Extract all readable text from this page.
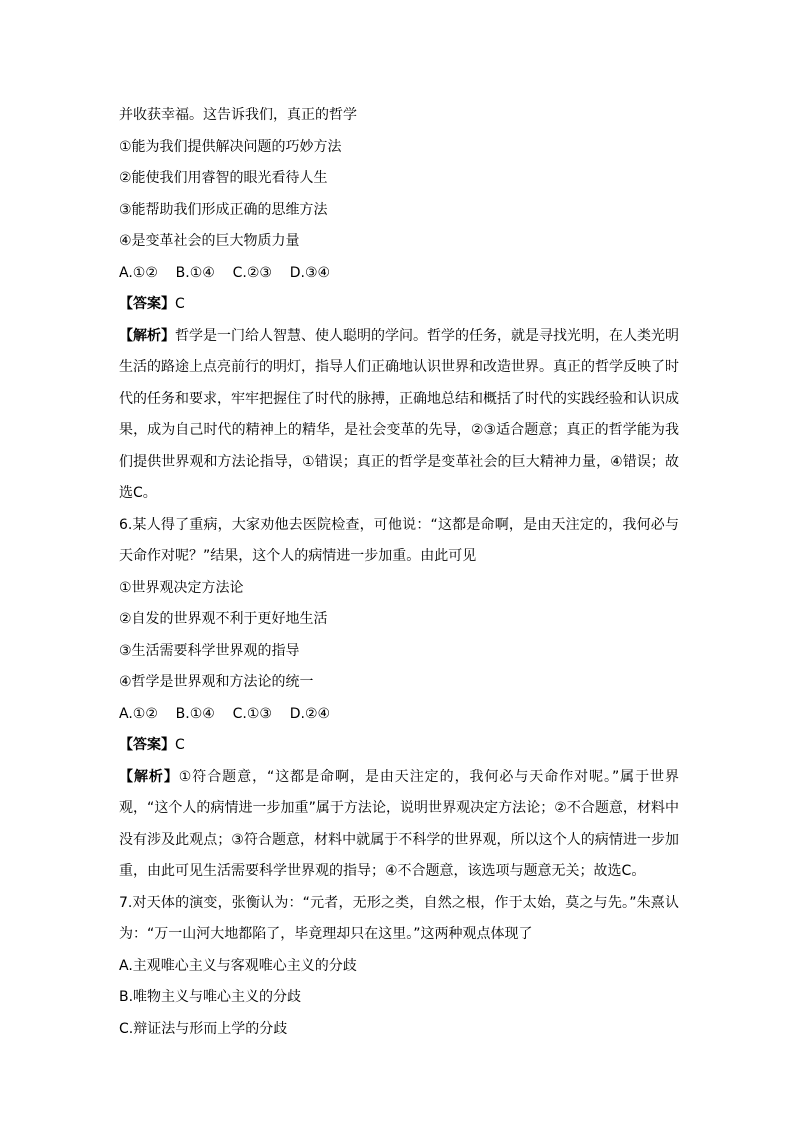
并收获幸福。这告诉我们，真正的哲学
①能为我们提供解决问题的巧妙方法
②能使我们用睿智的眼光看待人生
③能帮助我们形成正确的思维方法
④是变革社会的巨大物质力量
A.①②    B.①④    C.②③    D.③④
【答案】C
【解析】哲学是一门给人智慧、使人聪明的学问。哲学的任务，就是寻找光明，在人类光明生活的路途上点亮前行的明灯，指导人们正确地认识世界和改造世界。真正的哲学反映了时代的任务和要求，牢牢把握住了时代的脉搏，正确地总结和概括了时代的实践经验和认识成果，成为自己时代的精神上的精华，是社会变革的先导，②③适合题意；真正的哲学能为我们提供世界观和方法论指导，①错误；真正的哲学是变革社会的巨大精神力量，④错误；故选C。
6.某人得了重病，大家劝他去医院检查，可他说：“这都是命啊，是由天注定的，我何必与天命作对呢？”结果，这个人的病情进一步加重。由此可见
①世界观决定方法论
②自发的世界观不利于更好地生活
③生活需要科学世界观的指导
④哲学是世界观和方法论的统一
A.①②    B.①④    C.①③    D.②④
【答案】C
【解析】①符合题意，“这都是命啊，是由天注定的，我何必与天命作对呢。”属于世界观，“这个人的病情进一步加重”属于方法论，说明世界观决定方法论；②不合题意，材料中没有涉及此观点；③符合题意，材料中就属于不科学的世界观，所以这个人的病情进一步加重，由此可见生活需要科学世界观的指导；④不合题意，该选项与题意无关；故选C。
7.对天体的演变，张衡认为：“元者，无形之类，自然之根，作于太始，莫之与先。”朱熹认为：“万一山河大地都陷了，毕竟理却只在这里。”这两种观点体现了
A.主观唯心主义与客观唯心主义的分歧
B.唯物主义与唯心主义的分歧
C.辩证法与形而上学的分歧
